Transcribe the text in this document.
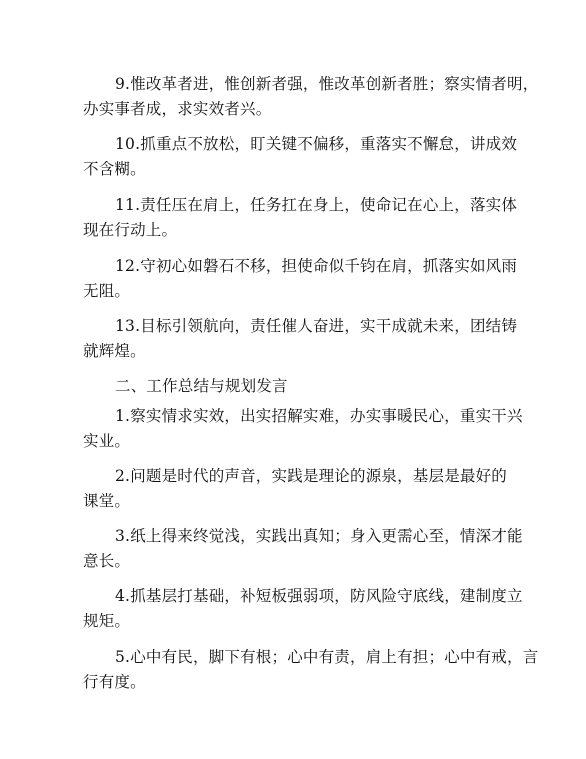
9.惟改革者进，惟创新者强，惟改革创新者胜；察实情者明，
办实事者成，求实效者兴。
10.抓重点不放松，盯关键不偏移，重落实不懈怠，讲成效
不含糊。
11.责任压在肩上，任务扛在身上，使命记在心上，落实体
现在行动上。
12.守初心如磐石不移，担使命似千钧在肩，抓落实如风雨
无阻。
13.目标引领航向，责任催人奋进，实干成就未来，团结铸
就辉煌。
二、工作总结与规划发言
1.察实情求实效，出实招解实难，办实事暖民心，重实干兴
实业。
2.问题是时代的声音，实践是理论的源泉，基层是最好的
课堂。
3.纸上得来终觉浅，实践出真知；身入更需心至，情深才能
意长。
4.抓基层打基础，补短板强弱项，防风险守底线，建制度立
规矩。
5.心中有民，脚下有根；心中有责，肩上有担；心中有戒，言
行有度。
